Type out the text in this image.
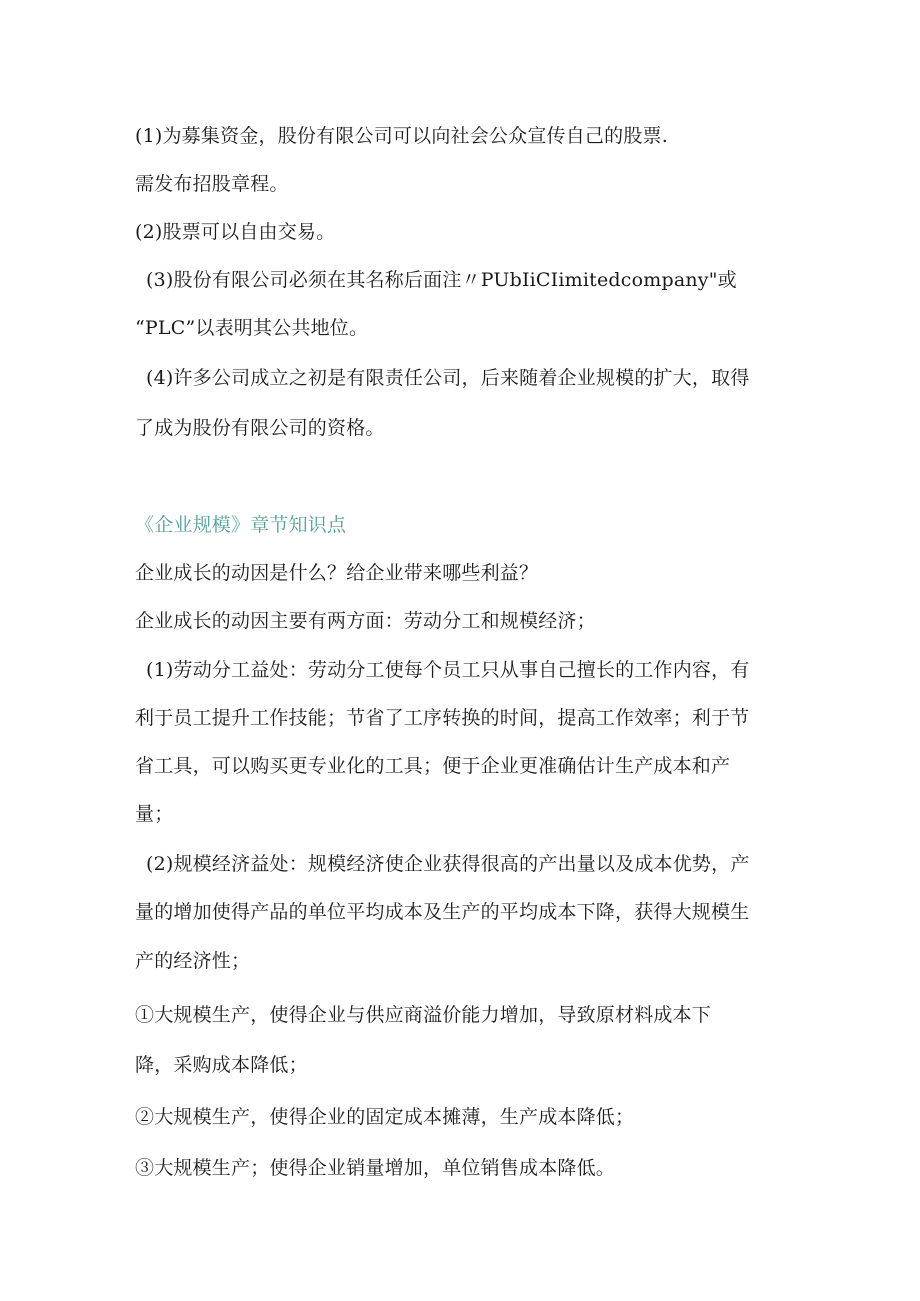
(1)为募集资金，股份有限公司可以向社会公众宣传自己的股票.
需发布招股章程。
(2)股票可以自由交易。
(3)股份有限公司必须在其名称后面注〃PUbIiCIimitedcompany"或
“PLC”以表明其公共地位。
(4)许多公司成立之初是有限责任公司，后来随着企业规模的扩大，取得
了成为股份有限公司的资格。
《企业规模》章节知识点
企业成长的动因是什么？给企业带来哪些利益？
企业成长的动因主要有两方面：劳动分工和规模经济；
(1)劳动分工益处：劳动分工使每个员工只从事自己擅长的工作内容，有
利于员工提升工作技能；节省了工序转换的时间，提高工作效率；利于节
省工具，可以购买更专业化的工具；便于企业更准确估计生产成本和产
量；
(2)规模经济益处：规模经济使企业获得很高的产出量以及成本优势，产
量的增加使得产品的单位平均成本及生产的平均成本下降，获得大规模生
产的经济性；
①大规模生产，使得企业与供应商溢价能力增加，导致原材料成本下
降，采购成本降低；
②大规模生产，使得企业的固定成本摊薄，生产成本降低；
③大规模生产；使得企业销量增加，单位销售成本降低。
